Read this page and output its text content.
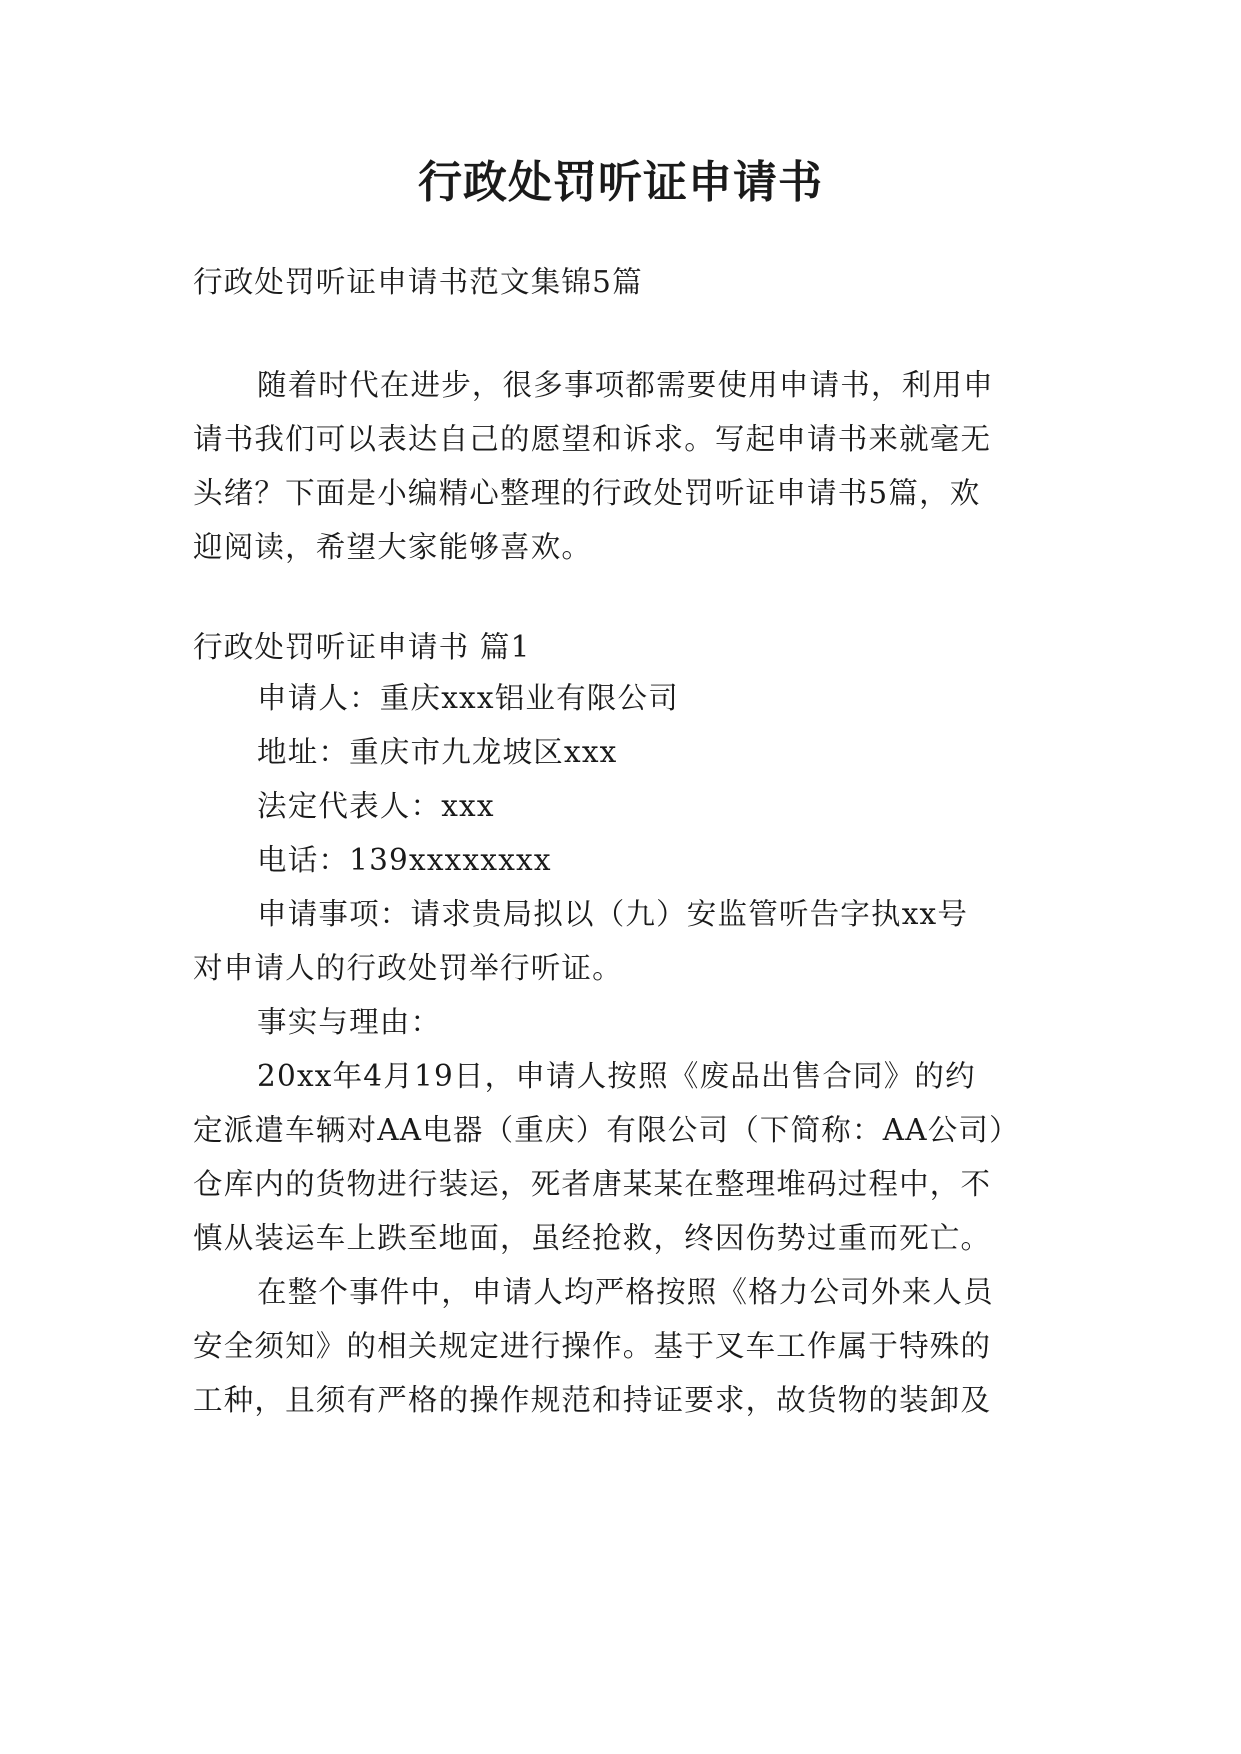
行政处罚听证申请书
行政处罚听证申请书范文集锦5篇
随着时代在进步，很多事项都需要使用申请书，利用申
请书我们可以表达自己的愿望和诉求。写起申请书来就毫无
头绪？下面是小编精心整理的行政处罚听证申请书5篇，欢
迎阅读，希望大家能够喜欢。
行政处罚听证申请书 篇1
申请人：重庆xxx铝业有限公司
地址：重庆市九龙坡区xxx
法定代表人：xxx
电话：139xxxxxxxx
申请事项：请求贵局拟以（九）安监管听告字执xx号
对申请人的行政处罚举行听证。
事实与理由：
20xx年4月19日，申请人按照《废品出售合同》的约
定派遣车辆对AA电器（重庆）有限公司（下简称：AA公司）
仓库内的货物进行装运，死者唐某某在整理堆码过程中，不
慎从装运车上跌至地面，虽经抢救，终因伤势过重而死亡。
在整个事件中，申请人均严格按照《格力公司外来人员
安全须知》的相关规定进行操作。基于叉车工作属于特殊的
工种，且须有严格的操作规范和持证要求，故货物的装卸及
